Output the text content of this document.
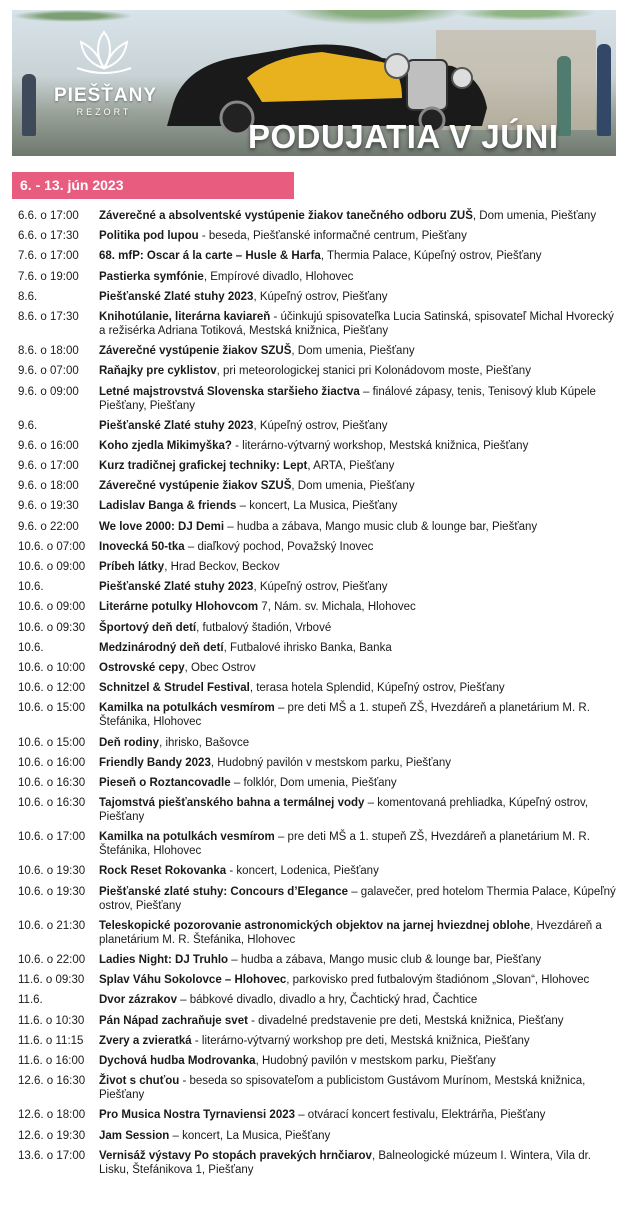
PIEŠŤANY
REZORT
PODUJATIA V JÚNI
6. - 13. jún 2023
6.6. o 17:00	Záverečné a absolventské vystúpenie žiakov tanečného odboru ZUŠ, Dom umenia, Piešťany
6.6. o 17:30	Politika pod lupou - beseda, Piešťanské informačné centrum, Piešťany
7.6. o 17:00	68. mfP: Oscar á la carte – Husle & Harfa, Thermia Palace, Kúpeľný ostrov, Piešťany
7.6. o 19:00	Pastierka symfónie, Empírové divadlo, Hlohovec
8.6.	Piešťanské Zlaté stuhy 2023, Kúpeľný ostrov, Piešťany
8.6. o 17:30	Knihotúlanie, literárna kaviareň - účinkujú spisovateľka Lucia Satinská, spisovateľ Michal Hvorecký a režisérka Adriana Totiková, Mestská knižnica, Piešťany
8.6. o 18:00	Záverečné vystúpenie žiakov SZUŠ, Dom umenia, Piešťany
9.6. o 07:00	Raňajky pre cyklistov, pri meteorologickej stanici pri Kolonádovom moste, Piešťany
9.6. o 09:00	Letné majstrovstvá Slovenska staršieho žiactva – finálové zápasy, tenis, Tenisový klub Kúpele Piešťany, Piešťany
9.6.	Piešťanské Zlaté stuhy 2023, Kúpeľný ostrov, Piešťany
9.6. o 16:00	Koho zjedla Mikimyška? - literárno-výtvarný workshop, Mestská knižnica, Piešťany
9.6. o 17:00	Kurz tradičnej grafickej techniky: Lept, ARTA, Piešťany
9.6. o 18:00	Záverečné vystúpenie žiakov SZUŠ, Dom umenia, Piešťany
9.6. o 19:30	Ladislav Banga & friends – koncert, La Musica, Piešťany
9.6. o 22:00	We love 2000: DJ Demi – hudba a zábava, Mango music club & lounge bar, Piešťany
10.6. o 07:00	Inovecká 50-tka – diaľkový pochod, Považský Inovec
10.6. o 09:00	Príbeh látky, Hrad Beckov, Beckov
10.6.	Piešťanské Zlaté stuhy 2023, Kúpeľný ostrov, Piešťany
10.6. o 09:00	Literárne potulky Hlohovcom 7, Nám. sv. Michala, Hlohovec
10.6. o 09:30	Športový deň detí, futbalový štadión, Vrbové
10.6.	Medzinárodný deň detí, Futbalové ihrisko Banka, Banka
10.6. o 10:00	Ostrovské cepy, Obec Ostrov
10.6. o 12:00	Schnitzel & Strudel Festival, terasa hotela Splendid, Kúpeľný ostrov, Piešťany
10.6. o 15:00	Kamilka na potulkách vesmírom – pre deti MŠ a 1. stupeň ZŠ, Hvezdáreň a planetárium M. R. Štefánika, Hlohovec
10.6. o 15:00	Deň rodiny, ihrisko, Bašovce
10.6. o 16:00	Friendly Bandy 2023, Hudobný pavilón v mestskom parku, Piešťany
10.6. o 16:30	Pieseň o Roztancovadle – folklór, Dom umenia, Piešťany
10.6. o 16:30	Tajomstvá piešťanského bahna a termálnej vody – komentovaná prehliadka, Kúpeľný ostrov, Piešťany
10.6. o 17:00	Kamilka na potulkách vesmírom – pre deti MŠ a 1. stupeň ZŠ, Hvezdáreň a planetárium M. R. Štefánika, Hlohovec
10.6. o 19:30	Rock Reset Rokovanka - koncert, Lodenica, Piešťany
10.6. o 19:30	Piešťanské zlaté stuhy: Concours d’Elegance – galavečer, pred hotelom Thermia Palace, Kúpeľný ostrov, Piešťany
10.6. o 21:30	Teleskopické pozorovanie astronomických objektov na jarnej hviezdnej oblohe, Hvezdáreň a planetárium M. R. Štefánika, Hlohovec
10.6. o 22:00	Ladies Night: DJ Truhlo – hudba a zábava, Mango music club & lounge bar, Piešťany
11.6. o 09:30	Splav Váhu Sokolovce – Hlohovec, parkovisko pred futbalovým štadiónom „Slovan“, Hlohovec
11.6.	Dvor zázrakov – bábkové divadlo, divadlo a hry, Čachtický hrad, Čachtice
11.6. o 10:30	Pán Nápad zachraňuje svet - divadelné predstavenie pre deti, Mestská knižnica, Piešťany
11.6. o 11:15	Zvery a zvieratká - literárno-výtvarný workshop pre deti, Mestská knižnica, Piešťany
11.6. o 16:00	Dychová hudba Modrovanka, Hudobný pavilón v mestskom parku, Piešťany
12.6. o 16:30	Život s chuťou - beseda so spisovateľom a publicistom Gustávom Murínom, Mestská knižnica, Piešťany
12.6. o 18:00	Pro Musica Nostra Tyrnaviensi 2023 – otvárací koncert festivalu, Elektrárňa, Piešťany
12.6. o 19:30	Jam Session – koncert, La Musica, Piešťany
13.6. o 17:00	Vernisáž výstavy Po stopách pravekých hrnčiarov, Balneologické múzeum I. Wintera, Vila dr. Lisku, Štefánikova 1, Piešťany
